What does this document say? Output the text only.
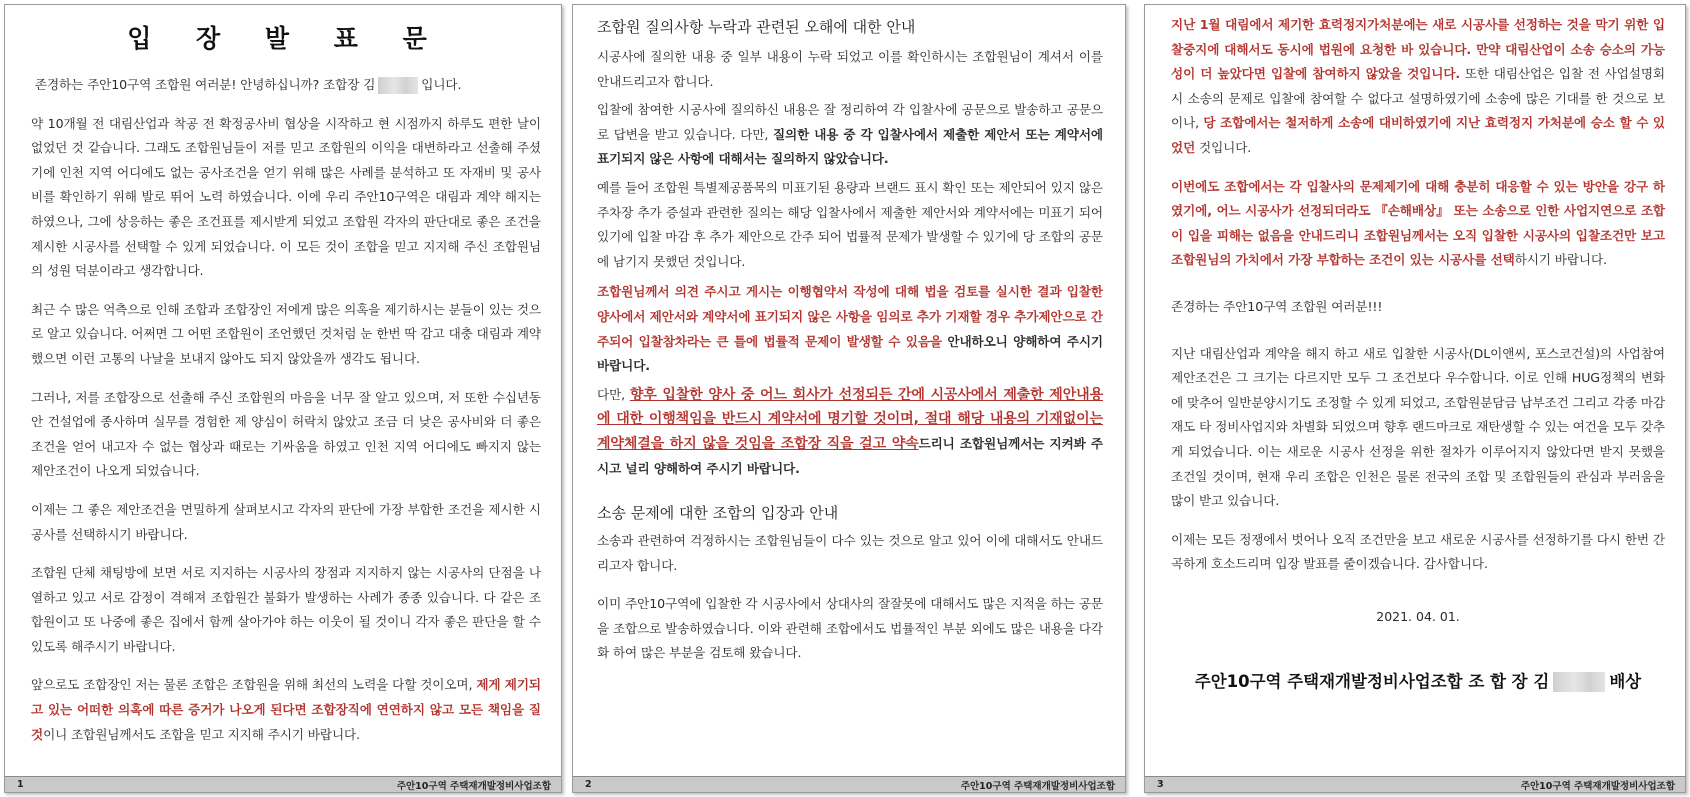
입 장 발 표 문

존경하는 주안10구역 조합원 여러분! 안녕하십니까? 조합장 김	입니다.

약 10개월 전 대림산업과 착공 전 확정공사비 협상을 시작하고 현 시점까지 하루도 편한 날이 없었던 것 같습니다. 그래도 조합원님들이 저를 믿고 조합원의 이익을 대변하라고 선출해 주셨기에 인천 지역 어디에도 없는 공사조건을 얻기 위해 많은 사례를 분석하고 또 자재비 및 공사비를 확인하기 위해 발로 뛰어 노력 하였습니다. 이에 우리 주안10구역은 대림과 계약 해지는 하였으나, 그에 상응하는 좋은 조건표를 제시받게 되었고 조합원 각자의 판단대로 좋은 조건을 제시한 시공사를 선택할 수 있게 되었습니다. 이 모든 것이 조합을 믿고 지지해 주신 조합원님의 성원 덕분이라고 생각합니다.

최근 수 많은 억측으로 인해 조합과 조합장인 저에게 많은 의혹을 제기하시는 분들이 있는 것으로 알고 있습니다. 어쩌면 그 어떤 조합원이 조언했던 것처럼 눈 한번 딱 감고 대충 대림과 계약 했으면 이런 고통의 나날을 보내지 않아도 되지 않았을까 생각도 됩니다.

그러나, 저를 조합장으로 선출해 주신 조합원의 마음을 너무 잘 알고 있으며, 저 또한 수십년동안 건설업에 종사하며 실무를 경험한 제 양심이 허락치 않았고 조금 더 낮은 공사비와 더 좋은 조건을 얻어 내고자 수 없는 협상과 때로는 기싸움을 하였고 인천 지역 어디에도 빠지지 않는 제안조건이 나오게 되었습니다.

이제는 그 좋은 제안조건을 면밀하게 살펴보시고 각자의 판단에 가장 부합한 조건을 제시한 시공사를 선택하시기 바랍니다.

조합원 단체 채팅방에 보면 서로 지지하는 시공사의 장점과 지지하지 않는 시공사의 단점을 나열하고 있고 서로 감정이 격해져 조합원간 불화가 발생하는 사례가 종종 있습니다. 다 같은 조합원이고 또 나중에 좋은 집에서 함께 살아가야 하는 이웃이 될 것이니 각자 좋은 판단을 할 수 있도록 해주시기 바랍니다.

앞으로도 조합장인 저는 물론 조합은 조합원을 위해 최선의 노력을 다할 것이오며, 제게 제기되고 있는 어떠한 의혹에 따른 증거가 나오게 된다면 조합장직에 연연하지 않고 모든 책임을 질 것이니 조합원님께서도 조합을 믿고 지지해 주시기 바랍니다.

1	주안10구역 주택재개발정비사업조합
조합원 질의사항 누락과 관련된 오해에 대한 안내

시공사에 질의한 내용 중 일부 내용이 누락 되었고 이를 확인하시는 조합원님이 계셔서 이를 안내드리고자 합니다.

입찰에 참여한 시공사에 질의하신 내용은 잘 정리하여 각 입찰사에 공문으로 발송하고 공문으로 답변을 받고 있습니다. 다만, 질의한 내용 중 각 입찰사에서 제출한 제안서 또는 계약서에 표기되지 않은 사항에 대해서는 질의하지 않았습니다.

예를 들어 조합원 특별제공품목의 미표기된 용량과 브랜드 표시 확인 또는 제안되어 있지 않은 주차장 추가 증설과 관련한 질의는 해당 입찰사에서 제출한 제안서와 계약서에는 미표기 되어 있기에 입찰 마감 후 추가 제안으로 간주 되어 법률적 문제가 발생할 수 있기에 당 조합의 공문에 남기지 못했던 것입니다.

조합원님께서 의견 주시고 게시는 이행협약서 작성에 대해 법을 검토를 실시한 결과 입찰한 양사에서 제안서와 계약서에 표기되지 않은 사항을 임의로 추가 기재할 경우 추가제안으로 간주되어 입찰참차라는 큰 틀에 법률적 문제이 발생할 수 있음을 안내하오니 양해하여 주시기 바랍니다.

다만, 향후 입찰한 양사 중 어느 회사가 선정되든 간에 시공사에서 제출한 제안내용에 대한 이행책임을 반드시 계약서에 명기할 것이며, 절대 해당 내용의 기재없이는 계약체결을 하지 않을 것임을 조합장 직을 걸고 약속드리니 조합원님께서는 지켜봐 주시고 널리 양해하여 주시기 바랍니다.

소송 문제에 대한 조합의 입장과 안내

소송과 관련하여 걱정하시는 조합원님들이 다수 있는 것으로 알고 있어 이에 대해서도 안내드리고자 합니다.

이미 주안10구역에 입찰한 각 시공사에서 상대사의 잘잘못에 대해서도 많은 지적을 하는 공문을 조합으로 발송하였습니다. 이와 관련해 조합에서도 법률적인 부분 외에도 많은 내용을 다각화 하여 많은 부분을 검토해 왔습니다.

2	주안10구역 주택재개발정비사업조합

지난 1월 대림에서 제기한 효력정지가처분에는 새로 시공사를 선정하는 것을 막기 위한 입찰중지에 대해서도 동시에 법원에 요청한 바 있습니다. 만약 대림산업이 소송 승소의 가능성이 더 높았다면 입찰에 참여하지 않았을 것입니다. 또한 대림산업은 입찰 전 사업설명회 시 소송의 문제로 입찰에 참여할 수 없다고 설명하였기에 소송에 많은 기대를 한 것으로 보이나, 당 조합에서는 철저하게 소송에 대비하였기에 지난 효력정지 가처분에 승소 할 수 있었던 것입니다.

이번에도 조합에서는 각 입찰사의 문제제기에 대해 충분히 대응할 수 있는 방안을 강구 하였기에, 어느 시공사가 선정되더라도 『손해배상』 또는 소송으로 인한 사업지연으로 조합이 입을 피해는 없음을 안내드리니 조합원님께서는 오직 입찰한 시공사의 입찰조건만 보고 조합원님의 가치에서 가장 부합하는 조건이 있는 시공사를 선택하시기 바랍니다.

존경하는 주안10구역 조합원 여러분!!!

지난 대림산업과 계약을 해지 하고 새로 입찰한 시공사(DL이앤씨, 포스코건설)의 사업참여제안조건은 그 크기는 다르지만 모두 그 조건보다 우수합니다. 이로 인해 HUG정책의 변화에 맞추어 일반분양시기도 조정할 수 있게 되었고, 조합원분담금 납부조건 그리고 각종 마감재도 타 정비사업지와 차별화 되었으며 향후 랜드마크로 재탄생할 수 있는 여건을 모두 갖추게 되었습니다. 이는 새로운 시공사 선정을 위한 절차가 이루어지지 않았다면 받지 못했을 조건일 것이며, 현재 우리 조합은 인천은 물론 전국의 조합 및 조합원들의 관심과 부러움을 많이 받고 있습니다.

이제는 모든 정쟁에서 벗어나 오직 조건만을 보고 새로운 시공사를 선정하기를 다시 한번 간곡하게 호소드리며 입장 발표를 줄이겠습니다. 감사합니다.

2021. 04. 01.
주안10구역 주택재개발정비사업조합 조 합 장 김	배상
3	주안10구역 주택재개발정비사업조합
